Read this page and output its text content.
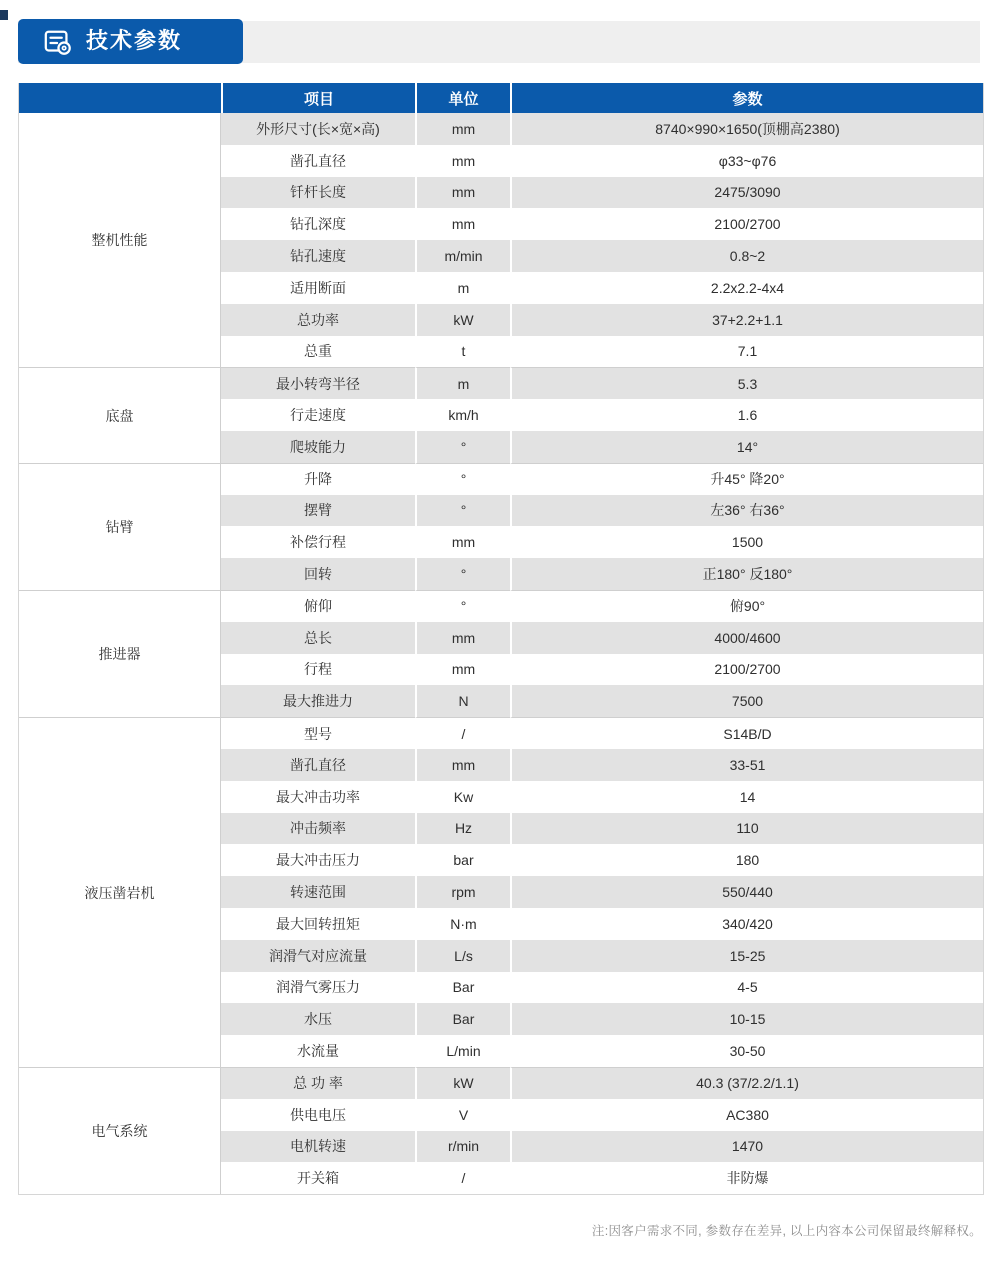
技术参数
项目	单位	参数
整机性能
外形尺寸(长×宽×高)	mm	8740×990×1650(顶棚高2380)
凿孔直径	mm	φ33~φ76
钎杆长度	mm	2475/3090
钻孔深度	mm	2100/2700
钻孔速度	m/min	0.8~2
适用断面	m	2.2x2.2-4x4
总功率	kW	37+2.2+1.1
总重	t	7.1
底盘
最小转弯半径	m	5.3
行走速度	km/h	1.6
爬坡能力	°	14°
钻臂
升降	°	升45° 降20°
摆臂	°	左36° 右36°
补偿行程	mm	1500
回转	°	正180° 反180°
推进器
俯仰	°	俯90°
总长	mm	4000/4600
行程	mm	2100/2700
最大推进力	N	7500
液压凿岩机
型号	/	S14B/D
凿孔直径	mm	33-51
最大冲击功率	Kw	14
冲击频率	Hz	110
最大冲击压力	bar	180
转速范围	rpm	550/440
最大回转扭矩	N·m	340/420
润滑气对应流量	L/s	15-25
润滑气雾压力	Bar	4-5
水压	Bar	10-15
水流量	L/min	30-50
电气系统
总 功 率	kW	40.3 (37/2.2/1.1)
供电电压	V	AC380
电机转速	r/min	1470
开关箱	/	非防爆
注:因客户需求不同, 参数存在差异, 以上内容本公司保留最终解释权。
